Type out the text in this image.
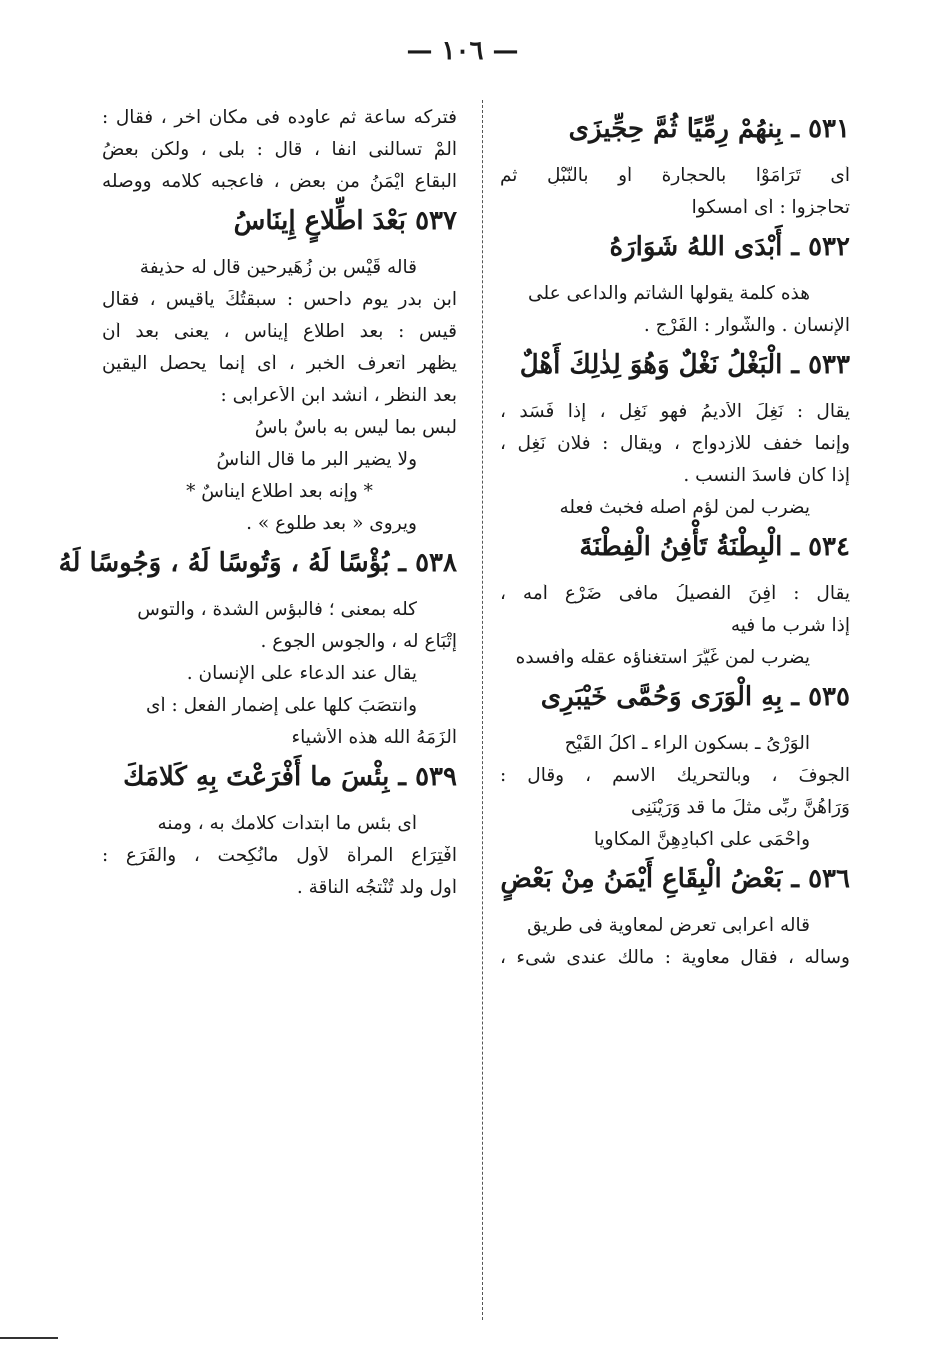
— ١٠٦ —
٥٣١ ـ بِنهُمْ رِمِّيًا ثُمَّ حِجِّيزَى
أى تَرَامَوْا بالحجارة أو بالنَّبْلِ ثم
تحاجزوا : أى أمسكوا
٥٣٢ ـ أَبْدَى اللهُ شَوَارَهُ
هذه كلمة يقولها الشاتم والداعى على
الإنسان . والشَّوار : الفَرْج .
٥٣٣ ـ الْبَغْلُ نَغْلٌ وَهُوَ لِذٰلِكَ أَهْلٌ
يقال : نَغِلَ الأديمُ فهو نَغِل ، إذا فَسَد ،
وإنما خفف للازدواج ، ويقال : فلان نَغِل ،
إذا كان فاسدَ النسب .
يضرب لمن لؤم أصله فخبث فعله
٥٣٤ ـ الْبِطْنَةُ تَأْفِنُ الْفِطْنَةَ
يقال : أفِنَ الفصيلُ مافى ضَرْعِ أمه ،
إذا شرب ما فيه
يضرب لمن غَيَّرَ استغناؤه عقلَه وأفسده
٥٣٥ ـ بِهِ الْوَرَى وَحُمَّى خَيْبَرِى
الوَرْىُ ـ بسكون الراء ـ أكلُ القَيْحِ
الجوفَ ، وبالتحريك الاسم ، وقال :
وَرَاهُنَّ ربِّى مثلَ ما قد وَرَيْنَنِى
وأَحْمَى على أكبادِهِنَّ المكاوِيا
٥٣٦ ـ بَعْضُ الْبِقَاعِ أَيْمَنُ مِنْ بَعْضٍ
قاله أعرابى تعرض لمعاوية فى طريق
وسأله ، فقال معاوية : مالك عندى شىء ،
فتركه ساعة ثم عاوده فى مكان آخر ، فقال :
أَلَمْ تسألنى آنفاً ، قال : بلى ، ولكن بعضُ
البقاع أَيْمَنُ من بعض ، فأعجبه كلامه ووصله
٥٣٧ بَعْدَ اطِّلاعٍ إِينَاسُ
قاله قَيْس بن زُهَيرحين قال له حذيفة
ابن بدر يوم داحس : سبقتُكَ ياقيس ، فقال
قيس : بعد اطلاع إيناس ، يعنى بعد أن
يظهر أتعرف الخبر ، أى إنما يحصل اليقين
بعد النظر ، أنشد ابن الأعرابى :
لبس بما ليس به بأسٌ باسُ
ولا يضير البر ما قال الناسُ
* وإنه بعد اطِّلاعٍ ايناسٌ *
ويروى « بعد طلوع » .
٥٣٨ ـ بُؤْسًا لَهُ ، وَتُوسًا لَهُ ، وَجُوسًا لَهُ
كله بمعنى ؛ فالبؤس الشدة ، والتوس
إتْبَاع له ، والجوس الجوع .
يقال عند الدعاء على الإنسان .
وانتصَبَ كلها على إضمار الفعل : أى
أَلْزَمَهُ الله هذه الأشياء
٥٣٩ ـ بِئْسَ ما أَفْرَعْتَ بِهِ كَلامَكَ
أى بئس ما ابتدأت كلامك به ، ومنه
افْتِرَاع المرأة لأول مانُكِحت ، والفَرَع :
أول ولد تُنْتجُه الناقة .
